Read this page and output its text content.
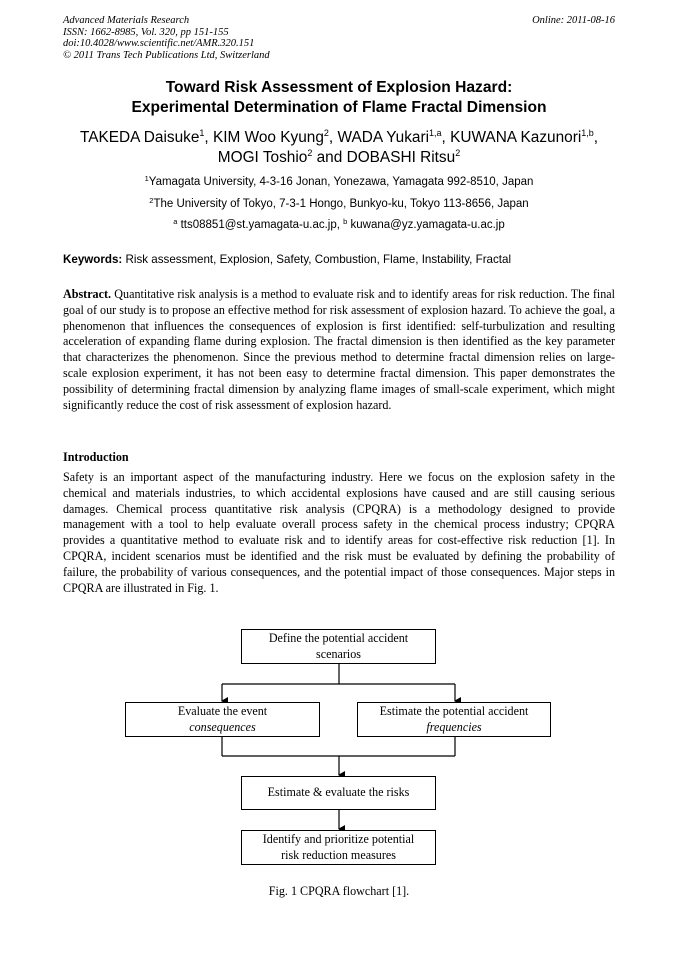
Advanced Materials Research
ISSN: 1662-8985, Vol. 320, pp 151-155
doi:10.4028/www.scientific.net/AMR.320.151
© 2011 Trans Tech Publications Ltd, Switzerland
Online: 2011-08-16
Toward Risk Assessment of Explosion Hazard:
Experimental Determination of Flame Fractal Dimension
TAKEDA Daisuke$^1$, KIM Woo Kyung$^2$, WADA Yukari$^{1,a}$, KUWANA Kazunori$^{1,b}$,
MOGI Toshio$^2$ and DOBASHI Ritsu$^2$
$^1$Yamagata University, 4-3-16 Jonan, Yonezawa, Yamagata 992-8510, Japan
$^2$The University of Tokyo, 7-3-1 Hongo, Bunkyo-ku, Tokyo 113-8656, Japan
$^a$ tts08851@st.yamagata-u.ac.jp, $^b$ kuwana@yz.yamagata-u.ac.jp
Keywords: Risk assessment, Explosion, Safety, Combustion, Flame, Instability, Fractal
Abstract. Quantitative risk analysis is a method to evaluate risk and to identify areas for risk reduction. The final goal of our study is to propose an effective method for risk assessment of explosion hazard. To achieve the goal, a phenomenon that influences the consequences of explosion is first identified: self-turbulization and resulting acceleration of expanding flame during explosion. The fractal dimension is then identified as the key parameter that characterizes the phenomenon. Since the previous method to determine fractal dimension relies on large-scale explosion experiment, it has not been easy to determine fractal dimension. This paper demonstrates the possibility of determining fractal dimension by analyzing flame images of small-scale experiment, which might significantly reduce the cost of risk assessment of explosion hazard.
Introduction
Safety is an important aspect of the manufacturing industry. Here we focus on the explosion safety in the chemical and materials industries, to which accidental explosions have caused and are still causing serious damages. Chemical process quantitative risk analysis (CPQRA) is a methodology designed to provide management with a tool to help evaluate overall process safety in the chemical process industry; CPQRA provides a quantitative method to evaluate risk and to identify areas for cost-effective risk reduction [1]. In CPQRA, incident scenarios must be identified and the risk must be evaluated by defining the probability of failure, the probability of various consequences, and the potential impact of those consequences. Major steps in CPQRA are illustrated in Fig. 1.
Define the potential accident
scenarios
Evaluate the event
consequences
Estimate the potential accident
frequencies
Estimate & evaluate the risks
Identify and prioritize potential
risk reduction measures
Fig. 1 CPQRA flowchart [1].
